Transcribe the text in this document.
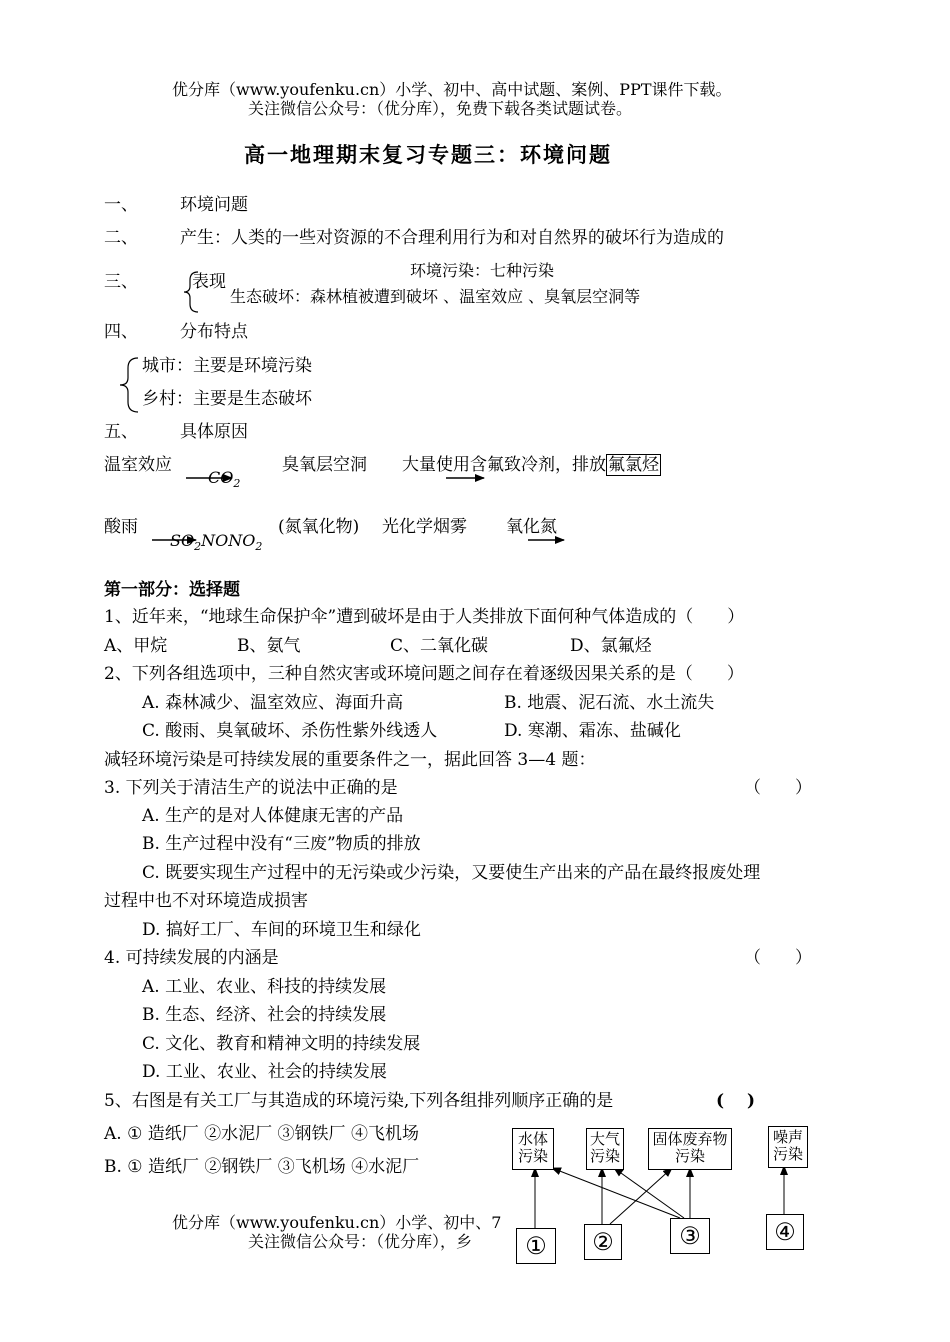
优分库（www.youfenku.cn）小学、初中、高中试题、案例、PPT课件下载。
关注微信公众号：（优分库），免费下载各类试题试卷。
高一地理期末复习专题三：环境问题
一、 环境问题
二、 产生：人类的一些对资源的不合理利用行为和对自然界的破坏行为造成的
三、	表现
环境污染：七种污染
生态破坏：森林植被遭到破坏 、温室效应 、臭氧层空洞等
四、 分布特点
城市：主要是环境污染
乡村：主要是生态破坏
五、 具体原因
温室效应
$CO_2$
臭氧层空洞 大量使用含氟致冷剂，排放 氟氯烃
酸雨
$SO_2NONO_2$
(氮氧化物) 光化学烟雾 氧化氮
第一部分：选择题
1、近年来，“地球生命保护伞”遭到破坏是由于人类排放下面何种气体造成的（　　）
A、甲烷	B、氨气	C、二氧化碳	D、氯氟烃
2、下列各组选项中，三种自然灾害或环境问题之间存在着逐级因果关系的是（　　）
A. 森林减少、温室效应、海面升高	B. 地震、泥石流、水土流失
C. 酸雨、臭氧破坏、杀伤性紫外线透人	D. 寒潮、霜冻、盐碱化
减轻环境污染是可持续发展的重要条件之一，据此回答 3—4 题：
3. 下列关于清洁生产的说法中正确的是	（　　）
A. 生产的是对人体健康无害的产品
B. 生产过程中没有“三废”物质的排放
C. 既要实现生产过程中的无污染或少污染，又要使生产出来的产品在最终报废处理
过程中也不对环境造成损害
D. 搞好工厂、车间的环境卫生和绿化
4. 可持续发展的内涵是	（　　）
A. 工业、农业、科技的持续发展
B. 生态、经济、社会的持续发展
C. 文化、教育和精神文明的持续发展
D. 工业、农业、社会的持续发展
5、右图是有关工厂与其造成的环境污染,下列各组排列顺序正确的是	(　 )
A. ① 造纸厂 ②水泥厂 ③钢铁厂 ④飞机场
B. ① 造纸厂 ②钢铁厂 ③飞机场 ④水泥厂
水体
污染
大气
污染
固体废弃物
污染
噪声
污染
①	②	③	④
优分库（www.youfenku.cn）小学、初中、7
关注微信公众号：（优分库），乡
